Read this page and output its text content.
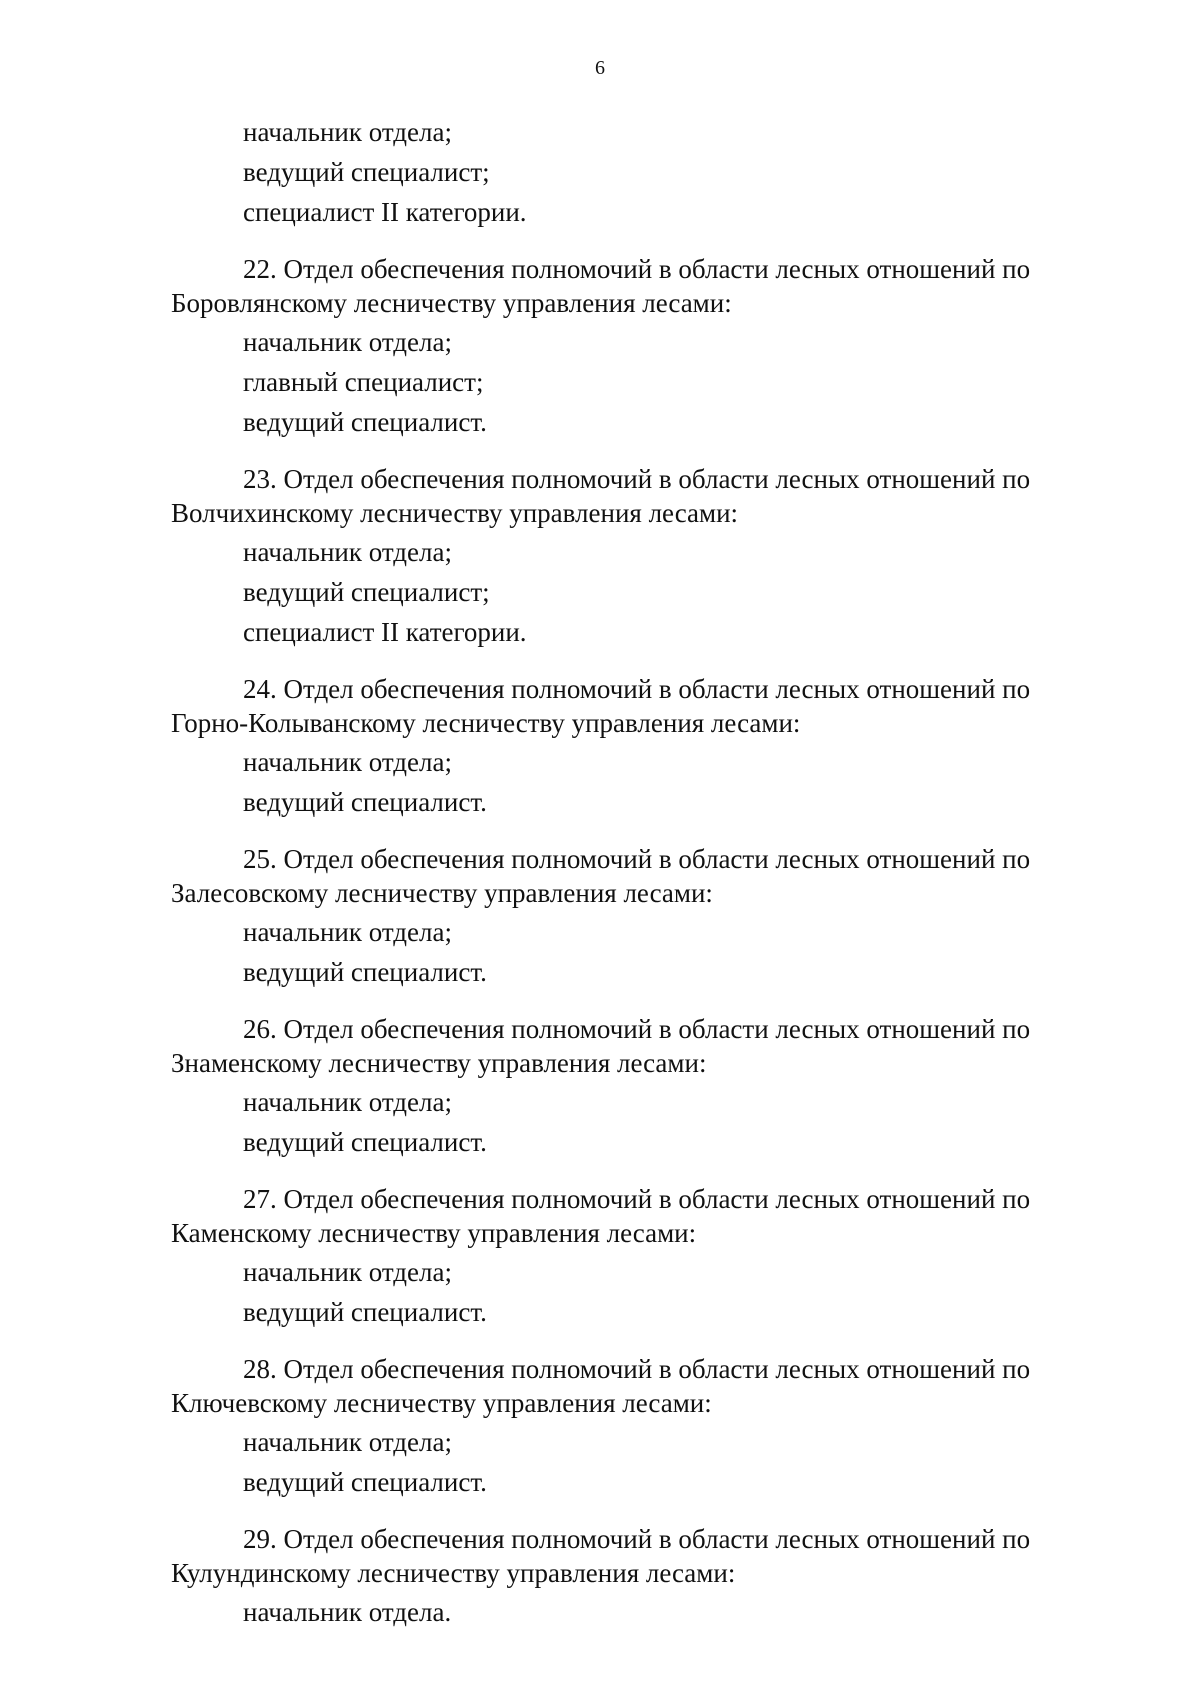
6
начальник отдела;
ведущий специалист;
специалист II категории.
22. Отдел обеспечения полномочий в области лесных отношений по
Боровлянскому лесничеству управления лесами:
начальник отдела;
главный специалист;
ведущий специалист.
23. Отдел обеспечения полномочий в области лесных отношений по
Волчихинскому лесничеству управления лесами:
начальник отдела;
ведущий специалист;
специалист II категории.
24. Отдел обеспечения полномочий в области лесных отношений по
Горно-Колыванскому лесничеству управления лесами:
начальник отдела;
ведущий специалист.
25. Отдел обеспечения полномочий в области лесных отношений по
Залесовскому лесничеству управления лесами:
начальник отдела;
ведущий специалист.
26. Отдел обеспечения полномочий в области лесных отношений по
Знаменскому лесничеству управления лесами:
начальник отдела;
ведущий специалист.
27. Отдел обеспечения полномочий в области лесных отношений по
Каменскому лесничеству управления лесами:
начальник отдела;
ведущий специалист.
28. Отдел обеспечения полномочий в области лесных отношений по
Ключевскому лесничеству управления лесами:
начальник отдела;
ведущий специалист.
29. Отдел обеспечения полномочий в области лесных отношений по
Кулундинскому лесничеству управления лесами:
начальник отдела.
